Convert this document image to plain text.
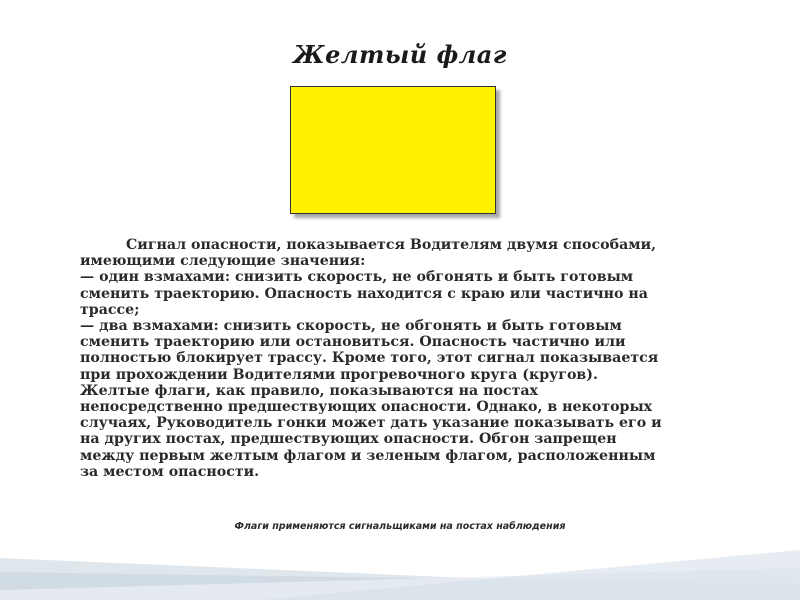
Желтый флаг
Сигнал опасности, показывается Водителям двумя способами,
имеющими следующие значения:
— один взмахами: снизить скорость, не обгонять и быть готовым
сменить траекторию. Опасность находится с краю или частично на
трассе;
— два взмахами: снизить скорость, не обгонять и быть готовым
сменить траекторию или остановиться. Опасность частично или
полностью блокирует трассу. Кроме того, этот сигнал показывается
при прохождении Водителями прогревочного круга (кругов).
Желтые флаги, как правило, показываются на постах
непосредственно предшествующих опасности. Однако, в некоторых
случаях, Руководитель гонки может дать указание показывать его и
на других постах, предшествующих опасности. Обгон запрещен
между первым желтым флагом и зеленым флагом, расположенным
за местом опасности.
Флаги применяются сигнальщиками на постах наблюдения
